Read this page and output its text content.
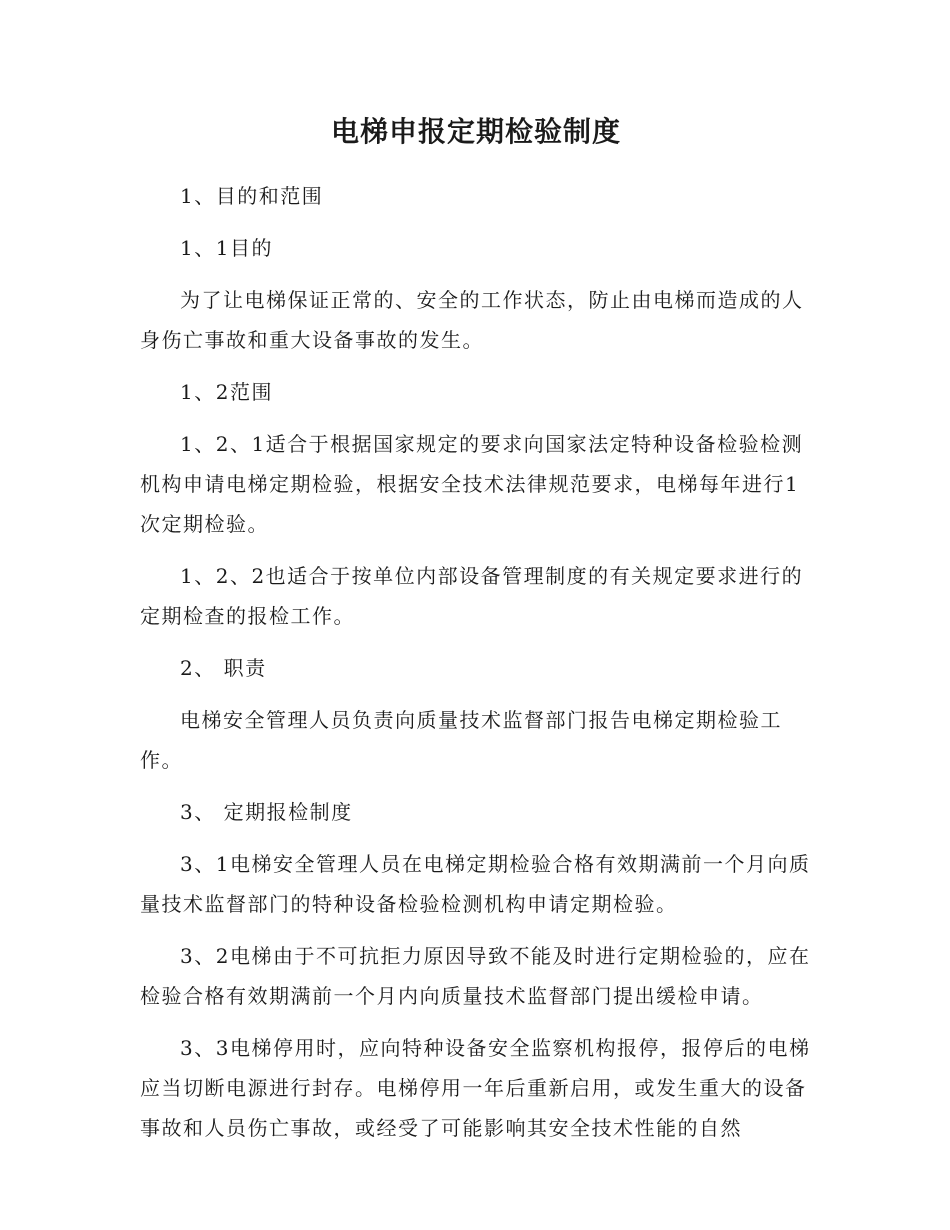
电梯申报定期检验制度

1、目的和范围

1、1目的

为了让电梯保证正常的、安全的工作状态，防止由电梯而造成的人身伤亡事故和重大设备事故的发生。

1、2范围

1、2、1适合于根据国家规定的要求向国家法定特种设备检验检测机构申请电梯定期检验，根据安全技术法律规范要求，电梯每年进行1次定期检验。

1、2、2也适合于按单位内部设备管理制度的有关规定要求进行的定期检查的报检工作。

2、 职责

电梯安全管理人员负责向质量技术监督部门报告电梯定期检验工作。

3、 定期报检制度

3、1电梯安全管理人员在电梯定期检验合格有效期满前一个月向质量技术监督部门的特种设备检验检测机构申请定期检验。

3、2电梯由于不可抗拒力原因导致不能及时进行定期检验的，应在检验合格有效期满前一个月内向质量技术监督部门提出缓检申请。

3、3电梯停用时，应向特种设备安全监察机构报停，报停后的电梯应当切断电源进行封存。电梯停用一年后重新启用，或发生重大的设备事故和人员伤亡事故，或经受了可能影响其安全技术性能的自然
